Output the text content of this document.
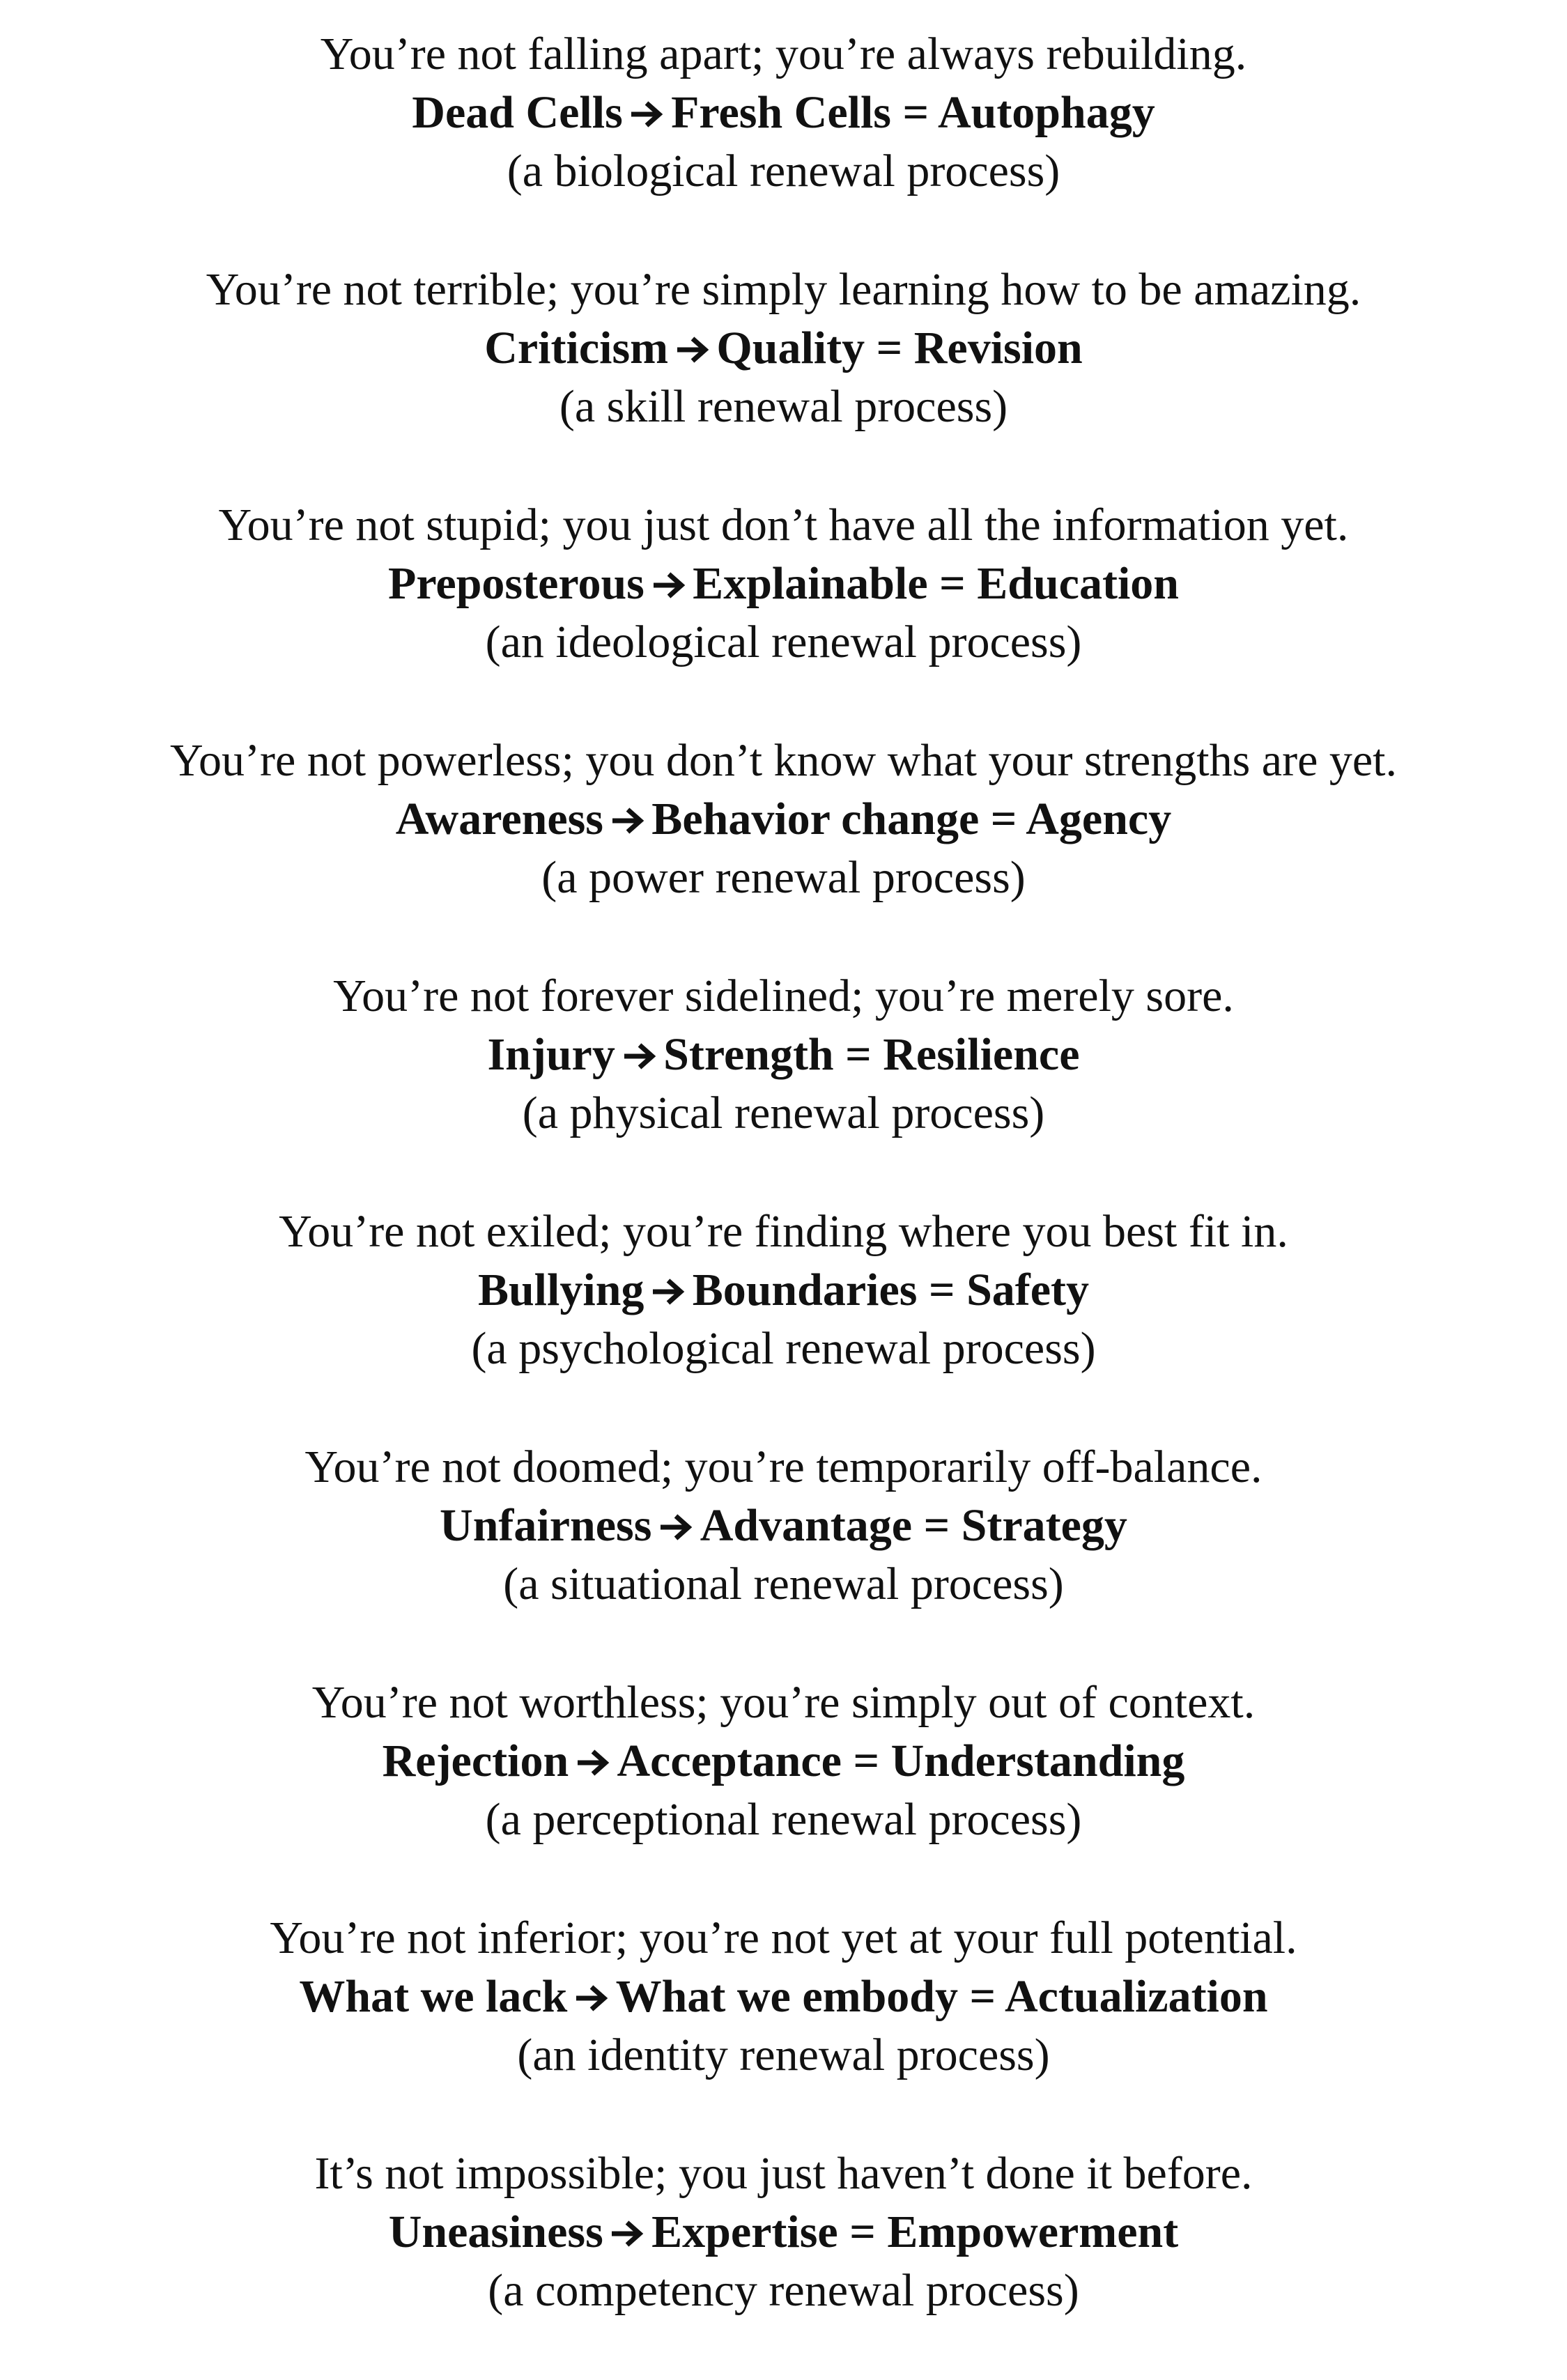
You’re not falling apart; you’re always rebuilding.
Dead Cells Fresh Cells = Autophagy
(a biological renewal process)
You’re not terrible; you’re simply learning how to be amazing.
Criticism Quality = Revision
(a skill renewal process)
You’re not stupid; you just don’t have all the information yet.
Preposterous Explainable = Education
(an ideological renewal process)
You’re not powerless; you don’t know what your strengths are yet.
Awareness Behavior change = Agency
(a power renewal process)
You’re not forever sidelined; you’re merely sore.
Injury Strength = Resilience
(a physical renewal process)
You’re not exiled; you’re finding where you best fit in.
Bullying Boundaries = Safety
(a psychological renewal process)
You’re not doomed; you’re temporarily off-balance.
Unfairness Advantage = Strategy
(a situational renewal process)
You’re not worthless; you’re simply out of context.
Rejection Acceptance = Understanding
(a perceptional renewal process)
You’re not inferior; you’re not yet at your full potential.
What we lack What we embody = Actualization
(an identity renewal process)
It’s not impossible; you just haven’t done it before.
Uneasiness Expertise = Empowerment
(a competency renewal process)
